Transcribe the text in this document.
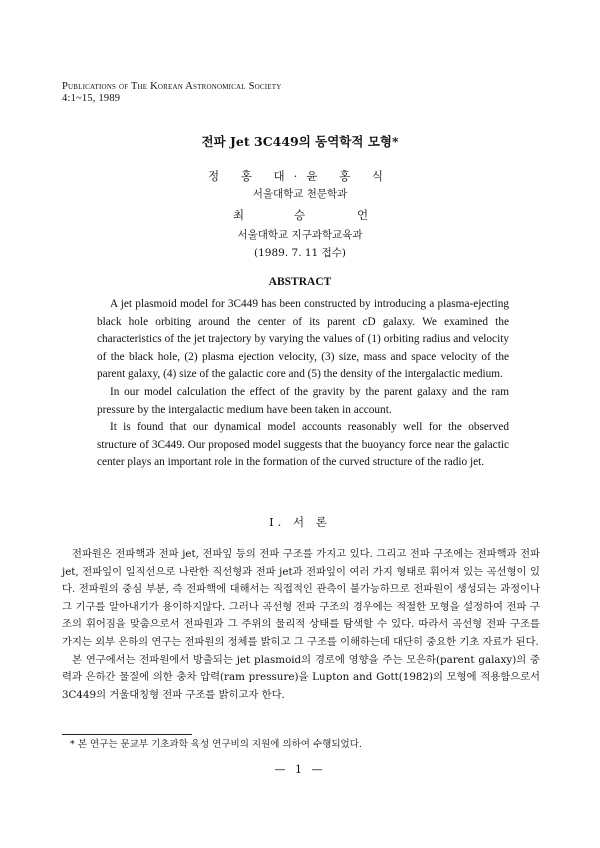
Publications of The Korean Astronomical Society
4:1~15, 1989
전파 Jet 3C449의 동역학적 모형*
정 홍 대·윤 홍 식
서울대학교 천문학과
최	승	언
서울대학교 지구과학교육과
(1989. 7. 11 접수)
ABSTRACT

A jet plasmoid model for 3C449 has been constructed by introducing a plasma-ejecting black hole orbiting around the center of its parent cD galaxy. We examined the characteristics of the jet trajectory by varying the values of (1) orbiting radius and velocity of the black hole, (2) plasma ejection velocity, (3) size, mass and space velocity of the parent galaxy, (4) size of the galactic core and (5) the density of the intergalactic medium.

In our model calculation the effect of the gravity by the parent galaxy and the ram pressure by the intergalactic medium have been taken in account.

It is found that our dynamical model accounts reasonably well for the observed structure of 3C449. Our proposed model suggests that the buoyancy force near the galactic center plays an important role in the formation of the curved structure of the radio jet.

I. 서 론

전파원은 전파핵과 전파 jet, 전파잎 등의 전파 구조를 가지고 있다. 그리고 전파 구조에는 전파핵과 전파 jet, 전파잎이 일직선으로 나란한 직선형과 전파 jet과 전파잎이 여러 가지 형태로 휘어져 있는 곡선형이 있다. 전파원의 중심 부분, 즉 전파핵에 대해서는 직접적인 관측이 불가능하므로 전파원이 생성되는 과정이나 그 기구를 알아내기가 용이하지않다. 그러나 곡선형 전파 구조의 경우에는 적절한 모형을 설정하여 전파 구조의 휘어짐을 맞춤으로서 전파원과 그 주위의 물리적 상태를 탐색할 수 있다. 따라서 곡선형 전파 구조를 가지는 외부 은하의 연구는 전파원의 정체를 밝히고 그 구조를 이해하는데 대단히 중요한 기초 자료가 된다.

본 연구에서는 전파원에서 방출되는 jet plasmoid의 경로에 영향을 주는 모은하(parent galaxy)의 중력과 은하간 물질에 의한 충차 압력(ram pressure)을 Lupton and Gott(1982)의 모형에 적용함으로서 3C449의 거울대칭형 전파 구조를 밝히고자 한다.

* 본 연구는 문교부 기초과학 육성 연구비의 지원에 의하여 수행되었다.
— 1 —
